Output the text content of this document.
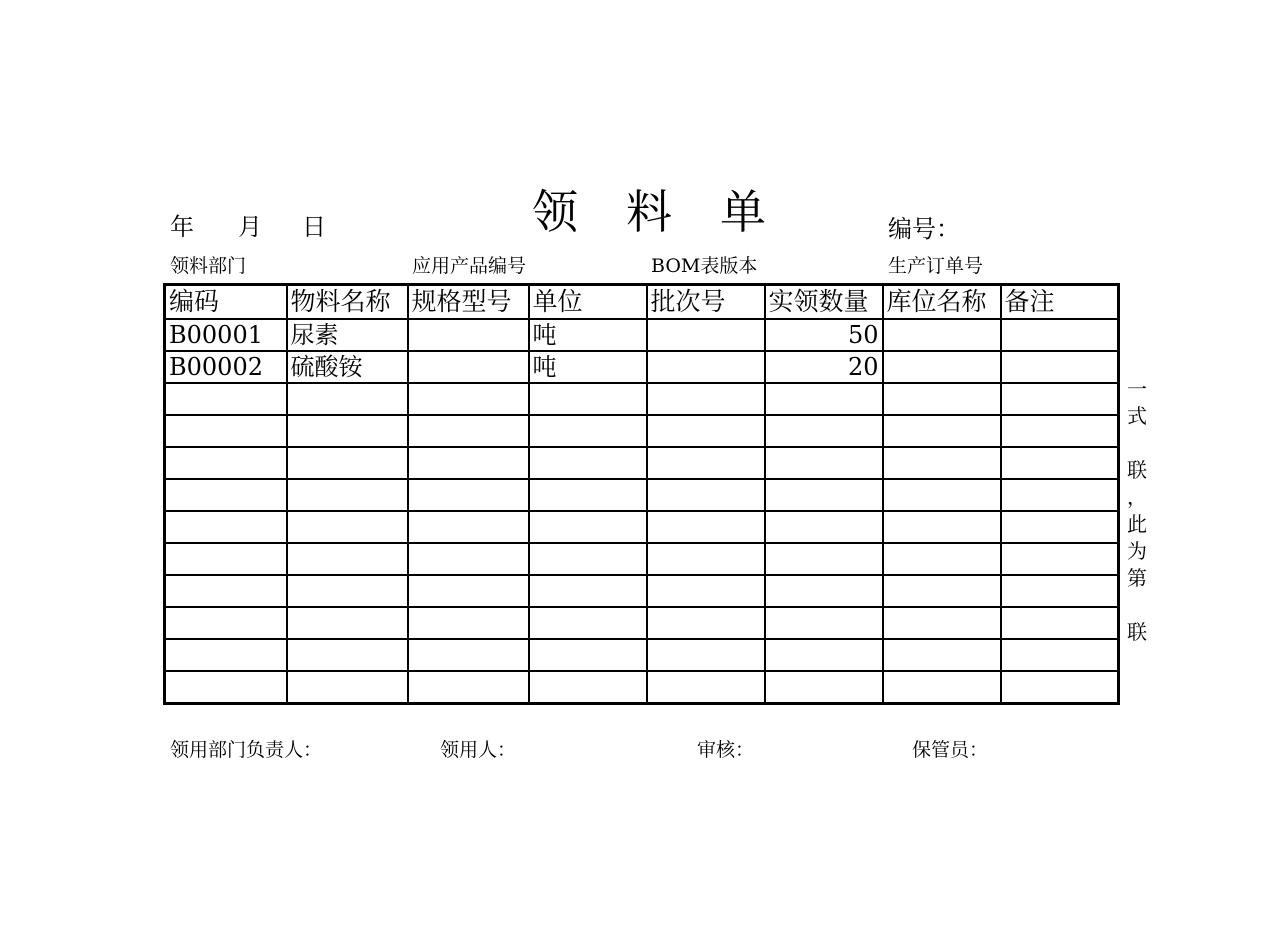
领 料 单
年 月 日	编号：
领料部门	应用产品编号	BOM表版本	生产订单号
编码	物料名称	规格型号	单位	批次号	实领数量	库位名称	备注
B00001	尿素		吨		50		
B00002	硫酸铵		吨		20		

一
式
联
，
此
为
第
联
领用部门负责人：	领用人：	审核：	保管员：
